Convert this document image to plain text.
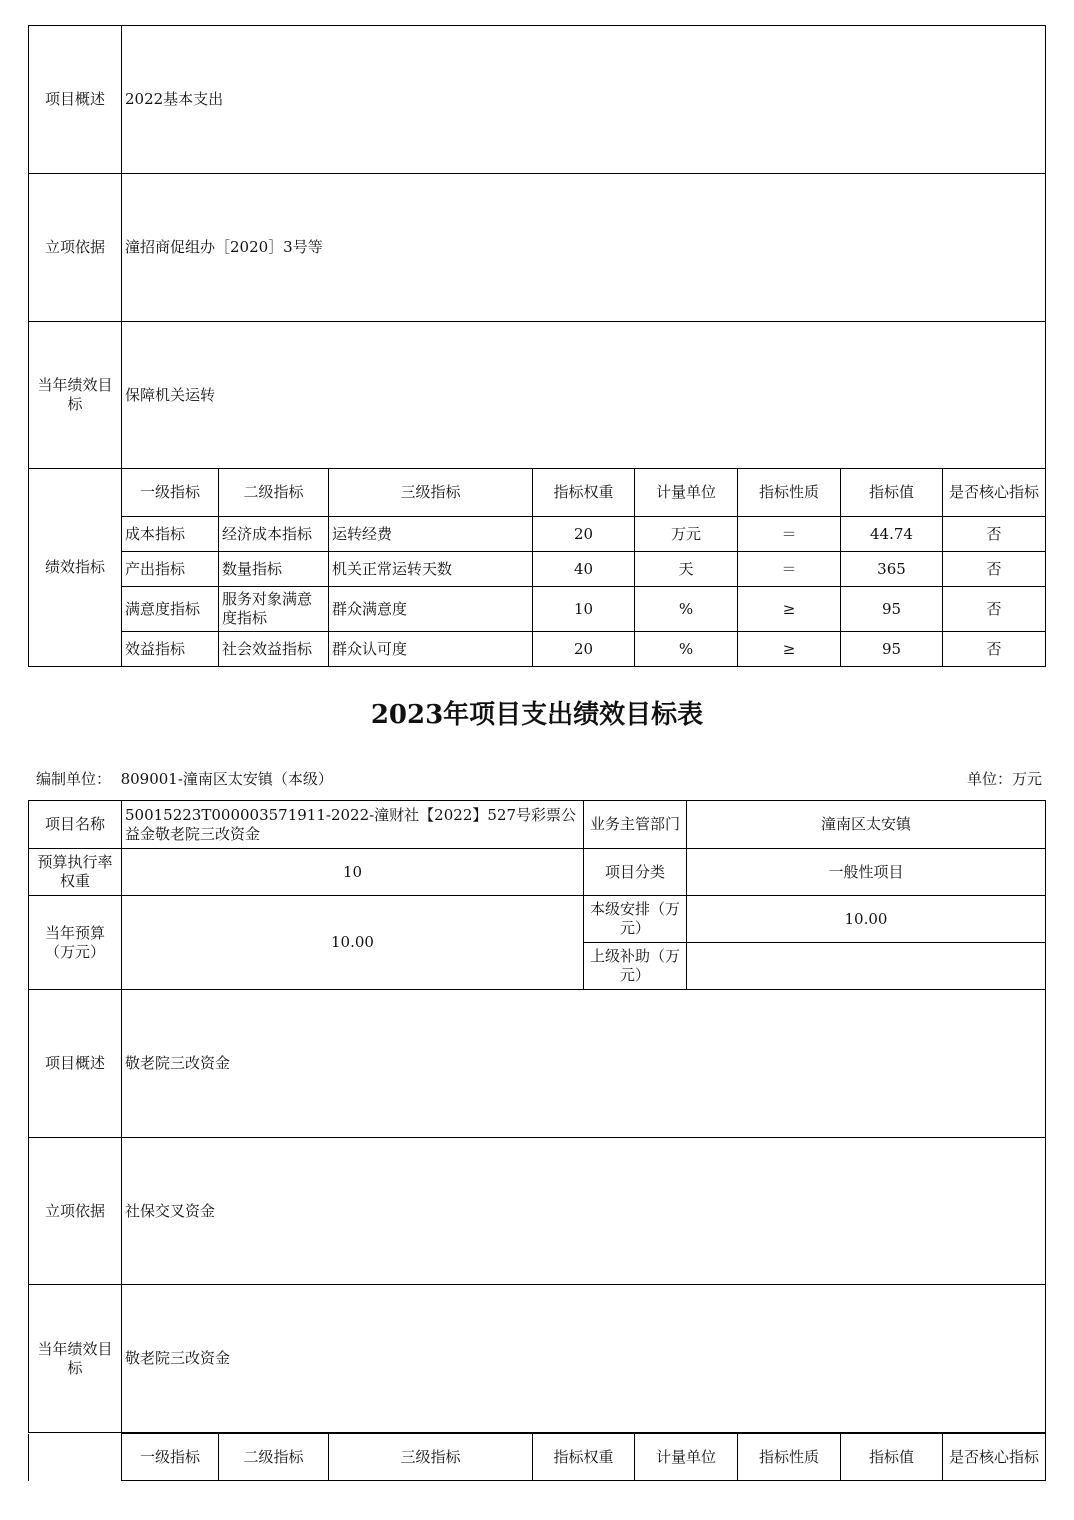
项目概述	2022基本支出							
立项依据	潼招商促组办［2020］3号等							
当年绩效目标	保障机关运转							
绩效指标	一级指标	二级指标	三级指标	指标权重	计量单位	指标性质	指标值	是否核心指标
	成本指标	经济成本指标	运转经费	20	万元	＝	44.74	否
	产出指标	数量指标	机关正常运转天数	40	天	＝	365	否
	满意度指标	服务对象满意度指标	群众满意度	10	%	≥	95	否
	效益指标	社会效益指标	群众认可度	20	%	≥	95	否
2023年项目支出绩效目标表
编制单位： 809001-潼南区太安镇（本级）	单位：万元
项目名称	50015223T000003571911-2022-潼财社【2022】527号彩票公益金敬老院三改资金	业务主管部门	潼南区太安镇
预算执行率权重	10	项目分类	一般性项目
当年预算（万元）	10.00	本级安排（万元）	10.00
		上级补助（万元）	
项目概述	敬老院三改资金		
立项依据	社保交叉资金		
当年绩效目标	敬老院三改资金		
	一级指标	二级指标	三级指标	指标权重	计量单位	指标性质	指标值	是否核心指标
